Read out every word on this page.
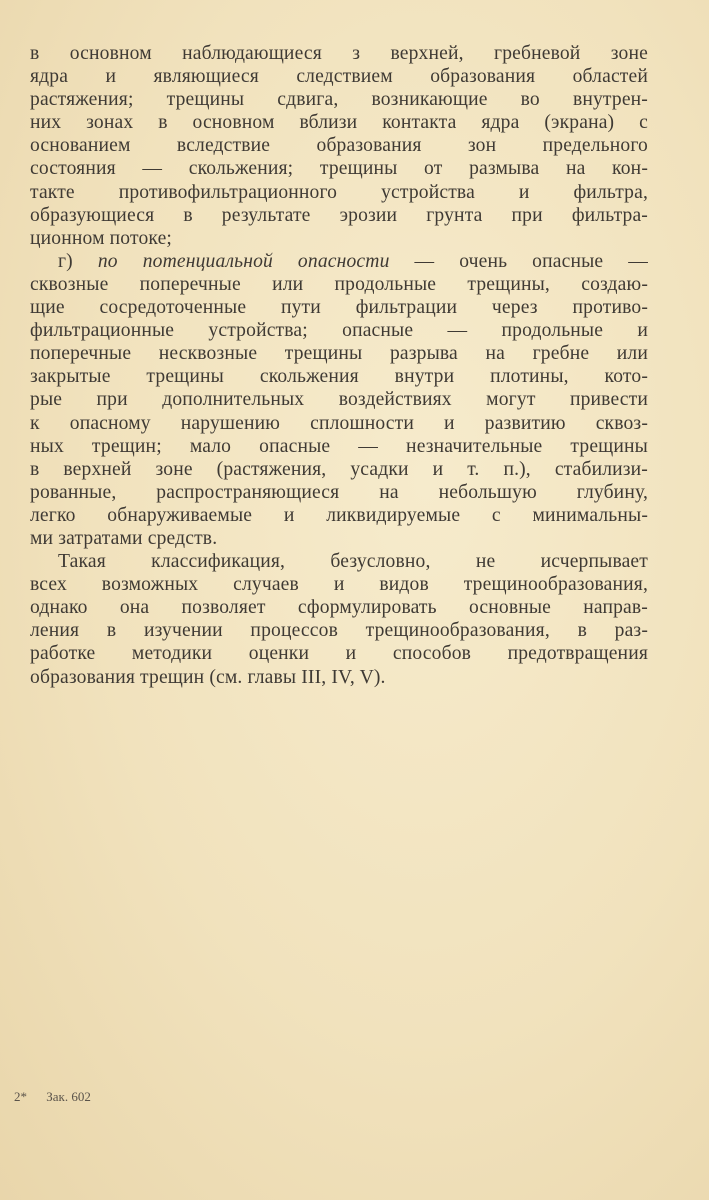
в основном наблюдающиеся з верхней, гребневой зоне
ядра и являющиеся следствием образования областей
растяжения; трещины сдвига, возникающие во внутрен-
них зонах в основном вблизи контакта ядра (экрана) с
основанием вследствие образования зон предельного
состояния — скольжения; трещины от размыва на кон-
такте противофильтрационного устройства и фильтра,
образующиеся в результате эрозии грунта при фильтра-
ционном потоке;
г) по потенциальной опасности — очень опасные —
сквозные поперечные или продольные трещины, создаю-
щие сосредоточенные пути фильтрации через противо-
фильтрационные устройства; опасные — продольные и
поперечные несквозные трещины разрыва на гребне или
закрытые трещины скольжения внутри плотины, кото-
рые при дополнительных воздействиях могут привести
к опасному нарушению сплошности и развитию сквоз-
ных трещин; мало опасные — незначительные трещины
в верхней зоне (растяжения, усадки и т. п.), стабилизи-
рованные, распространяющиеся на небольшую глубину,
легко обнаруживаемые и ликвидируемые с минимальны-
ми затратами средств.
Такая классификация, безусловно, не исчерпывает
всех возможных случаев и видов трещинообразования,
однако она позволяет сформулировать основные направ-
ления в изучении процессов трещинообразования, в раз-
работке методики оценки и способов предотвращения
образования трещин (см. главы III, IV, V).
2* Зак. 602
